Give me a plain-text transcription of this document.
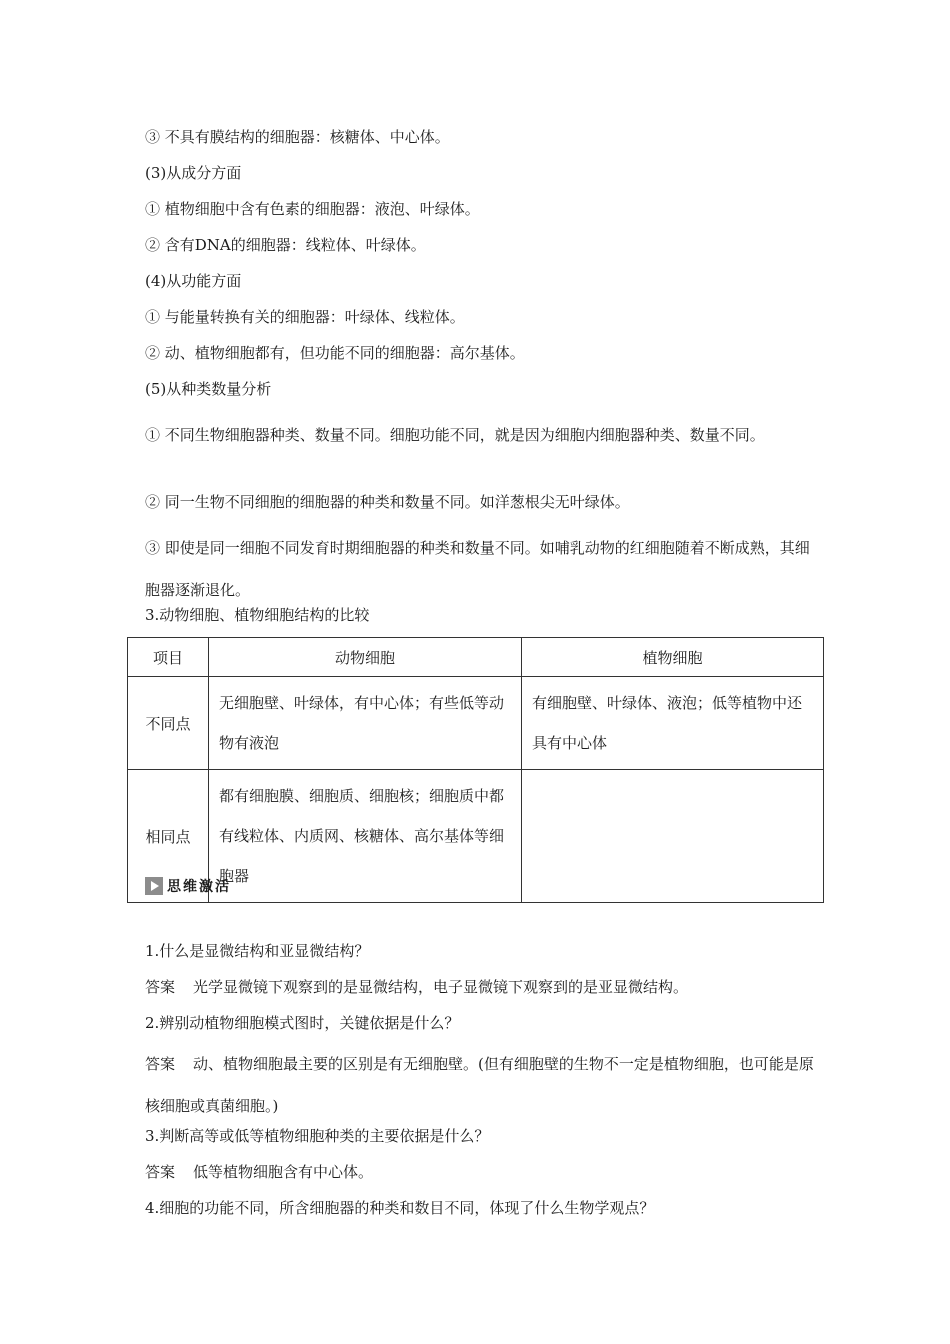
③ 不具有膜结构的细胞器：核糖体、中心体。
(3)从成分方面
① 植物细胞中含有色素的细胞器：液泡、叶绿体。
② 含有DNA的细胞器：线粒体、叶绿体。
(4)从功能方面
① 与能量转换有关的细胞器：叶绿体、线粒体。
② 动、植物细胞都有，但功能不同的细胞器：高尔基体。
(5)从种类数量分析
① 不同生物细胞器种类、数量不同。细胞功能不同，就是因为细胞内细胞器种类、数量不同。
② 同一生物不同细胞的细胞器的种类和数量不同。如洋葱根尖无叶绿体。
③ 即使是同一细胞不同发育时期细胞器的种类和数量不同。如哺乳动物的红细胞随着不断成熟，其细胞器逐渐退化。
3.动物细胞、植物细胞结构的比较
项目	动物细胞	植物细胞
不同点	无细胞壁、叶绿体，有中心体；有些低等动物有液泡	有细胞壁、叶绿体、液泡；低等植物中还具有中心体

相同点	都有细胞膜、细胞质、细胞核；细胞质中都有线粒体、内质网、核糖体、高尔基体等细胞器	

思维激活
1.什么是显微结构和亚显微结构？
答案 光学显微镜下观察到的是显微结构，电子显微镜下观察到的是亚显微结构。
2.辨别动植物细胞模式图时，关键依据是什么？
答案 动、植物细胞最主要的区别是有无细胞壁。(但有细胞壁的生物不一定是植物细胞，也可能是原核细胞或真菌细胞。)
3.判断高等或低等植物细胞种类的主要依据是什么？
答案 低等植物细胞含有中心体。
4.细胞的功能不同，所含细胞器的种类和数目不同，体现了什么生物学观点？
